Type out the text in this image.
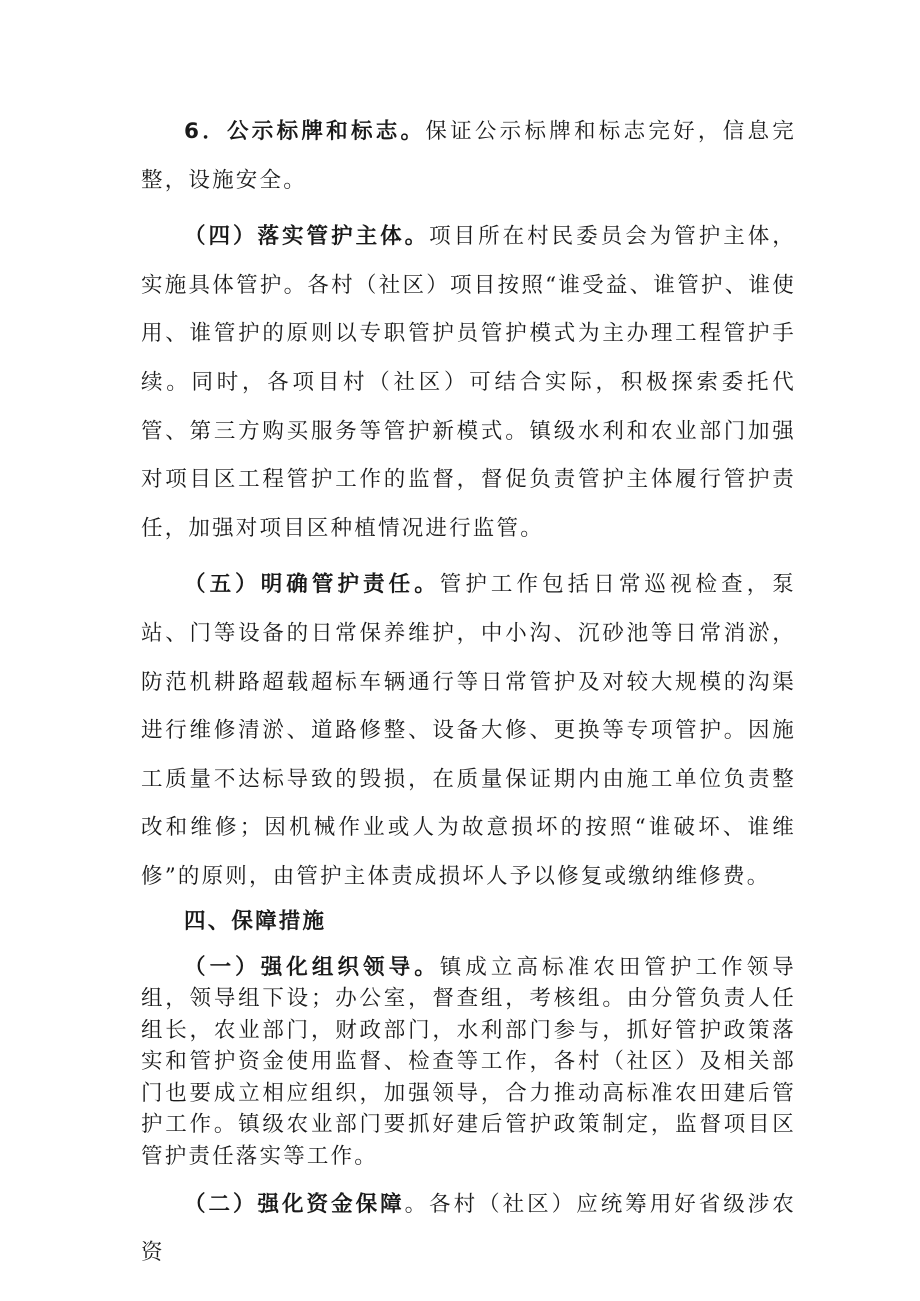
6．公示标牌和标志。保证公示标牌和标志完好，信息完整，设施安全。

（四）落实管护主体。项目所在村民委员会为管护主体，实施具体管护。各村（社区）项目按照“谁受益、谁管护、谁使用、谁管护的原则以专职管护员管护模式为主办理工程管护手续。同时，各项目村（社区）可结合实际，积极探索委托代管、第三方购买服务等管护新模式。镇级水利和农业部门加强对项目区工程管护工作的监督，督促负责管护主体履行管护责任，加强对项目区种植情况进行监管。

（五）明确管护责任。管护工作包括日常巡视检查，泵站、门等设备的日常保养维护，中小沟、沉砂池等日常消淤，防范机耕路超载超标车辆通行等日常管护及对较大规模的沟渠进行维修清淤、道路修整、设备大修、更换等专项管护。因施工质量不达标导致的毁损，在质量保证期内由施工单位负责整改和维修；因机械作业或人为故意损坏的按照“谁破坏、谁维修”的原则，由管护主体责成损坏人予以修复或缴纳维修费。

四、保障措施

（一）强化组织领导。镇成立高标准农田管护工作领导组，领导组下设；办公室，督查组，考核组。由分管负责人任组长，农业部门，财政部门，水利部门参与，抓好管护政策落实和管护资金使用监督、检查等工作，各村（社区）及相关部门也要成立相应组织，加强领导，合力推动高标准农田建后管护工作。镇级农业部门要抓好建后管护政策制定，监督项目区管护责任落实等工作。

（二）强化资金保障。各村（社区）应统筹用好省级涉农资
